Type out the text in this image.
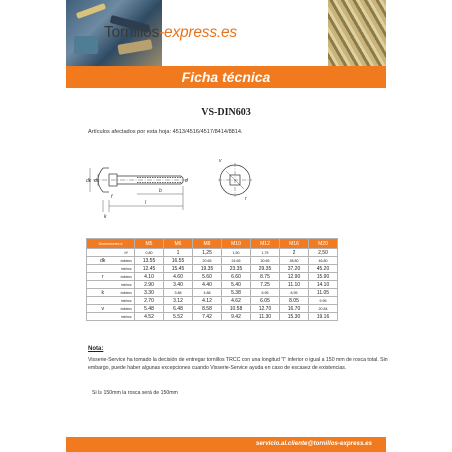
Tornillos-express.es
Ficha técnica
VS-DIN603
Artículos afectados por esta hoja: 4513/4516/4517/8414/8814.
dk ds
b
k
f
l
v
r
d
Dimensiones d		M5	M6	M8	M10	M12	M16	M20
	Nº	0,80	1	1,25	1,50	1,75	2	2,50
dk	máximo	13.55	16.55	20.65	24.65	30.65	38.80	46.80
	mínimo	12.45	15.45	19.35	23.35	29.35	37.20	45.20
r	máximo	4.10	4.60	5.60	6.60	8.75	12.90	15.90
	mínimo	2.90	3.40	4.40	5.40	7.25	11.10	14.10
k	máximo	3.30	3.88	4.88	5.38	6.95	8.95	11.05
	mínimo	2.70	3.12	4.12	4.62	6.05	8.05	9.95
v	máximo	5.48	6.48	8.58	10.58	12.70	16.70	20.84
	mínimo	4.52	5.52	7.42	9.42	11.30	15.30	19.16
Nota:
Visserie-Service ha tomado la decisión de entregar tornillos TRCC con una longitud "l" inferior o igual a 150 mm de rosca total. Sin embargo, puede haber algunas excepciones cuando Visserie-Service ayuda en caso de escasez de existencias.
Si l≥ 150mm la rosca será de 150mm
servicio.al.cliente@tornillos-express.es
